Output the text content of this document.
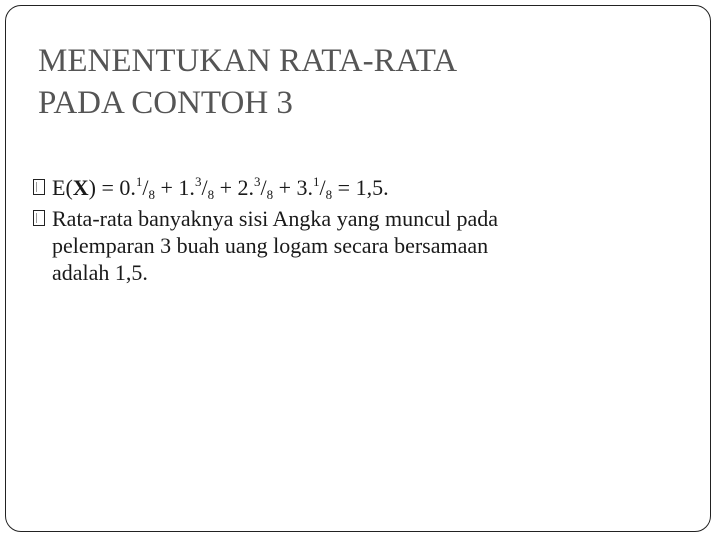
MENENTUKAN RATA-RATA
PADA CONTOH 3
$E(X) = 0.^1/_8 + 1.^3/_8 + 2.^3/_8 + 3.^1/_8 = 1,5$.
Rata-rata banyaknya sisi Angka yang muncul pada
pelemparan 3 buah uang logam secara bersamaan
adalah 1,5.
